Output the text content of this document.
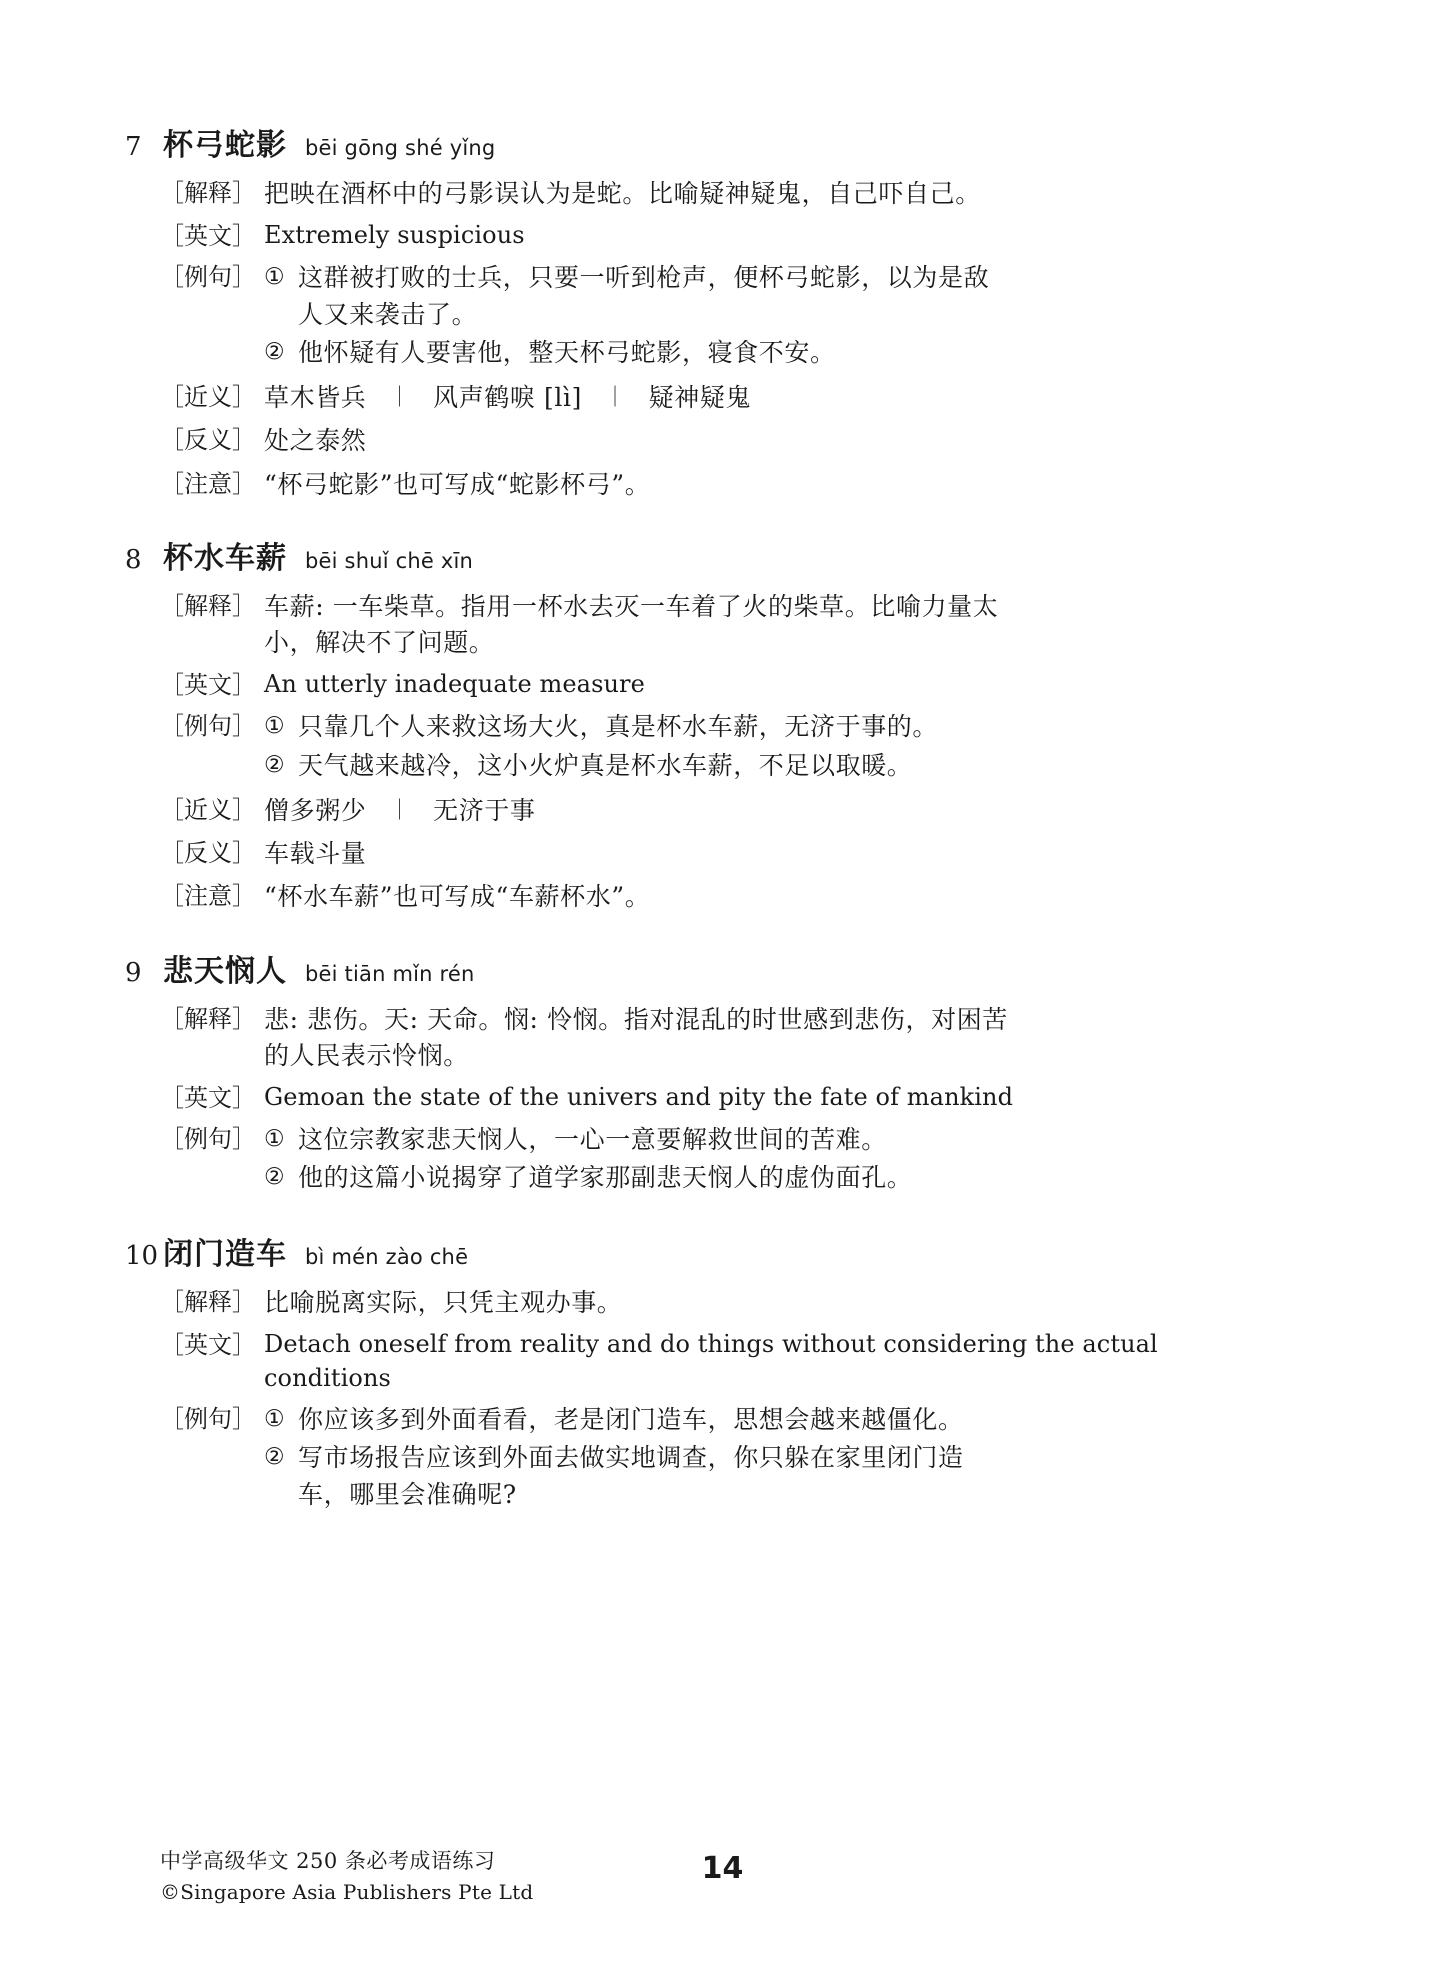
7 杯弓蛇影 bēi gōng shé yǐng
［解释］ 把映在酒杯中的弓影误认为是蛇。比喻疑神疑鬼，自己吓自己。
［英文］ Extremely suspicious
［例句］ ① 这群被打败的士兵，只要一听到枪声，便杯弓蛇影，以为是敌
人又来袭击了。
② 他怀疑有人要害他，整天杯弓蛇影，寝食不安。
［近义］ 草木皆兵 ｜ 风声鹤唳 [lì] ｜ 疑神疑鬼
［反义］ 处之泰然
［注意］ “杯弓蛇影”也可写成“蛇影杯弓”。
8 杯水车薪 bēi shuǐ chē xīn
［解释］ 车薪: 一车柴草。指用一杯水去灭一车着了火的柴草。比喻力量太
小，解决不了问题。
［英文］ An utterly inadequate measure
［例句］ ① 只靠几个人来救这场大火，真是杯水车薪，无济于事的。
② 天气越来越冷，这小火炉真是杯水车薪，不足以取暖。
［近义］ 僧多粥少 ｜ 无济于事
［反义］ 车载斗量
［注意］ “杯水车薪”也可写成“车薪杯水”。
9 悲天悯人 bēi tiān mǐn rén
［解释］ 悲: 悲伤。天: 天命。悯: 怜悯。指对混乱的时世感到悲伤，对困苦
的人民表示怜悯。
［英文］ Gemoan the state of the univers and pity the fate of mankind
［例句］ ① 这位宗教家悲天悯人，一心一意要解救世间的苦难。
② 他的这篇小说揭穿了道学家那副悲天悯人的虚伪面孔。
10 闭门造车 bì mén zào chē
［解释］ 比喻脱离实际，只凭主观办事。
［英文］ Detach oneself from reality and do things without considering the actual
conditions
［例句］ ① 你应该多到外面看看，老是闭门造车，思想会越来越僵化。
② 写市场报告应该到外面去做实地调查，你只躲在家里闭门造
车，哪里会准确呢?
中学高级华文 250 条必考成语练习
©Singapore Asia Publishers Pte Ltd
14
